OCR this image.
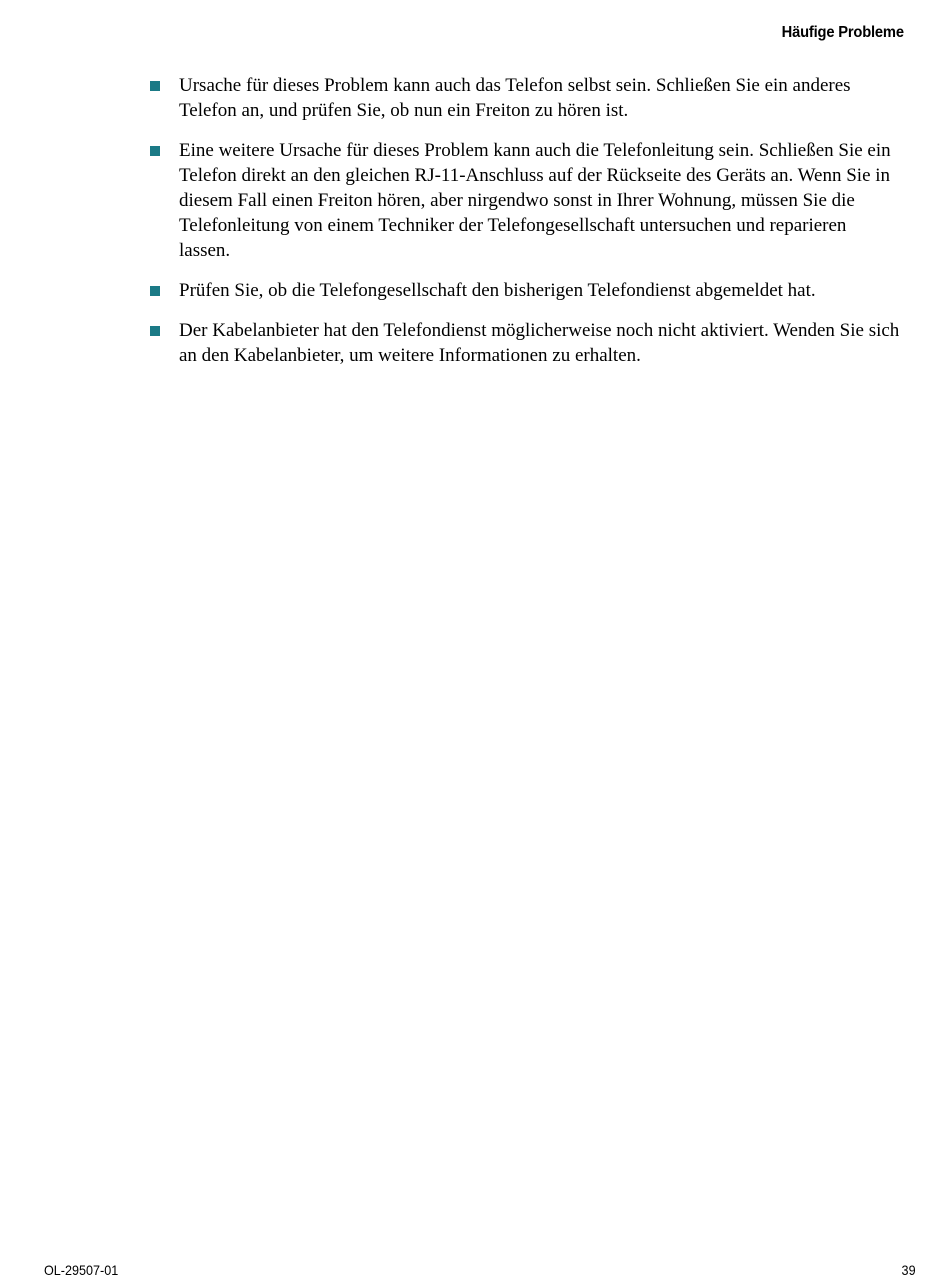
Häufige Probleme
Ursache für dieses Problem kann auch das Telefon selbst sein. Schließen Sie ein anderes Telefon an, und prüfen Sie, ob nun ein Freiton zu hören ist.
Eine weitere Ursache für dieses Problem kann auch die Telefonleitung sein. Schließen Sie ein Telefon direkt an den gleichen RJ-11-Anschluss auf der Rückseite des Geräts an. Wenn Sie in diesem Fall einen Freiton hören, aber nirgendwo sonst in Ihrer Wohnung, müssen Sie die Telefonleitung von einem Techniker der Telefongesellschaft untersuchen und reparieren lassen.
Prüfen Sie, ob die Telefongesellschaft den bisherigen Telefondienst abgemeldet hat.
Der Kabelanbieter hat den Telefondienst möglicherweise noch nicht aktiviert. Wenden Sie sich an den Kabelanbieter, um weitere Informationen zu erhalten.
OL-29507-01	39
